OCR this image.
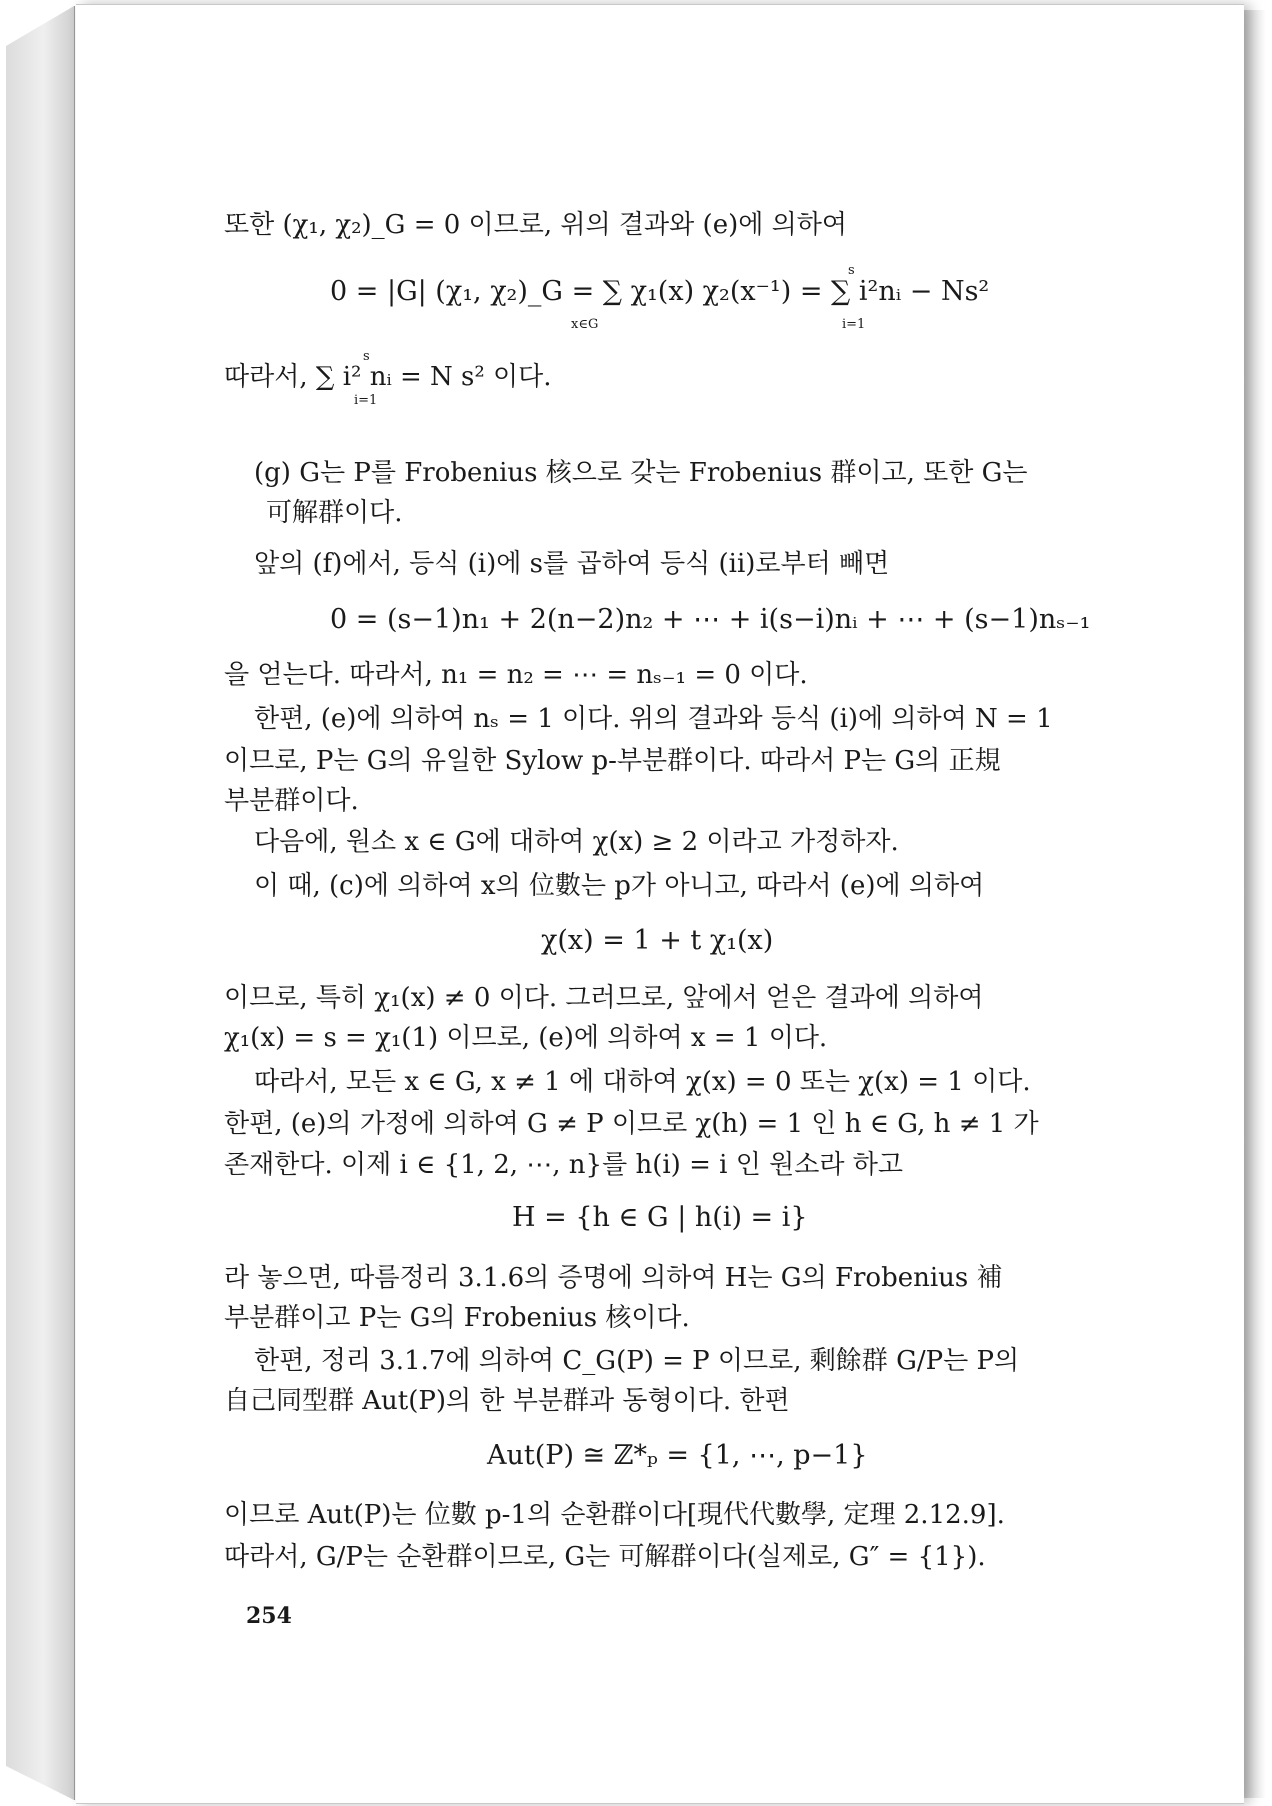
또한 (χ₁, χ₂)_G = 0 이므로, 위의 결과와 (e)에 의하여
0 = |G| (χ₁, χ₂)_G = ∑ χ₁(x) χ₂(x⁻¹) = ∑ i²nᵢ − Ns²
x∈G
s
i=1
따라서, ∑ i² nᵢ = N s² 이다.
s
i=1
(g) G는 P를 Frobenius 核으로 갖는 Frobenius 群이고, 또한 G는
可解群이다.
앞의 (f)에서, 등식 (i)에 s를 곱하여 등식 (ii)로부터 빼면
0 = (s−1)n₁ + 2(n−2)n₂ + ⋯ + i(s−i)nᵢ + ⋯ + (s−1)nₛ₋₁
을 얻는다. 따라서, n₁ = n₂ = ⋯ = nₛ₋₁ = 0 이다.
한편, (e)에 의하여 nₛ = 1 이다. 위의 결과와 등식 (i)에 의하여 N = 1
이므로, P는 G의 유일한 Sylow p-부분群이다. 따라서 P는 G의 正規
부분群이다.
다음에, 원소 x ∈ G에 대하여 χ(x) ≥ 2 이라고 가정하자.
이 때, (c)에 의하여 x의 位數는 p가 아니고, 따라서 (e)에 의하여
χ(x) = 1 + t χ₁(x)
이므로, 특히 χ₁(x) ≠ 0 이다. 그러므로, 앞에서 얻은 결과에 의하여
χ₁(x) = s = χ₁(1) 이므로, (e)에 의하여 x = 1 이다.
따라서, 모든 x ∈ G, x ≠ 1 에 대하여 χ(x) = 0 또는 χ(x) = 1 이다.
한편, (e)의 가정에 의하여 G ≠ P 이므로 χ(h) = 1 인 h ∈ G, h ≠ 1 가
존재한다. 이제 i ∈ {1, 2, ⋯, n}를 h(i) = i 인 원소라 하고
H = {h ∈ G | h(i) = i}
라 놓으면, 따름정리 3.1.6의 증명에 의하여 H는 G의 Frobenius 補
부분群이고 P는 G의 Frobenius 核이다.
한편, 정리 3.1.7에 의하여 C_G(P) = P 이므로, 剩餘群 G/P는 P의
自己同型群 Aut(P)의 한 부분群과 동형이다. 한편
Aut(P) ≅ ℤ*ₚ = {1, ⋯, p−1}
이므로 Aut(P)는 位數 p-1의 순환群이다[現代代數學, 定理 2.12.9].
따라서, G/P는 순환群이므로, G는 可解群이다(실제로, G″ = {1}).
254
